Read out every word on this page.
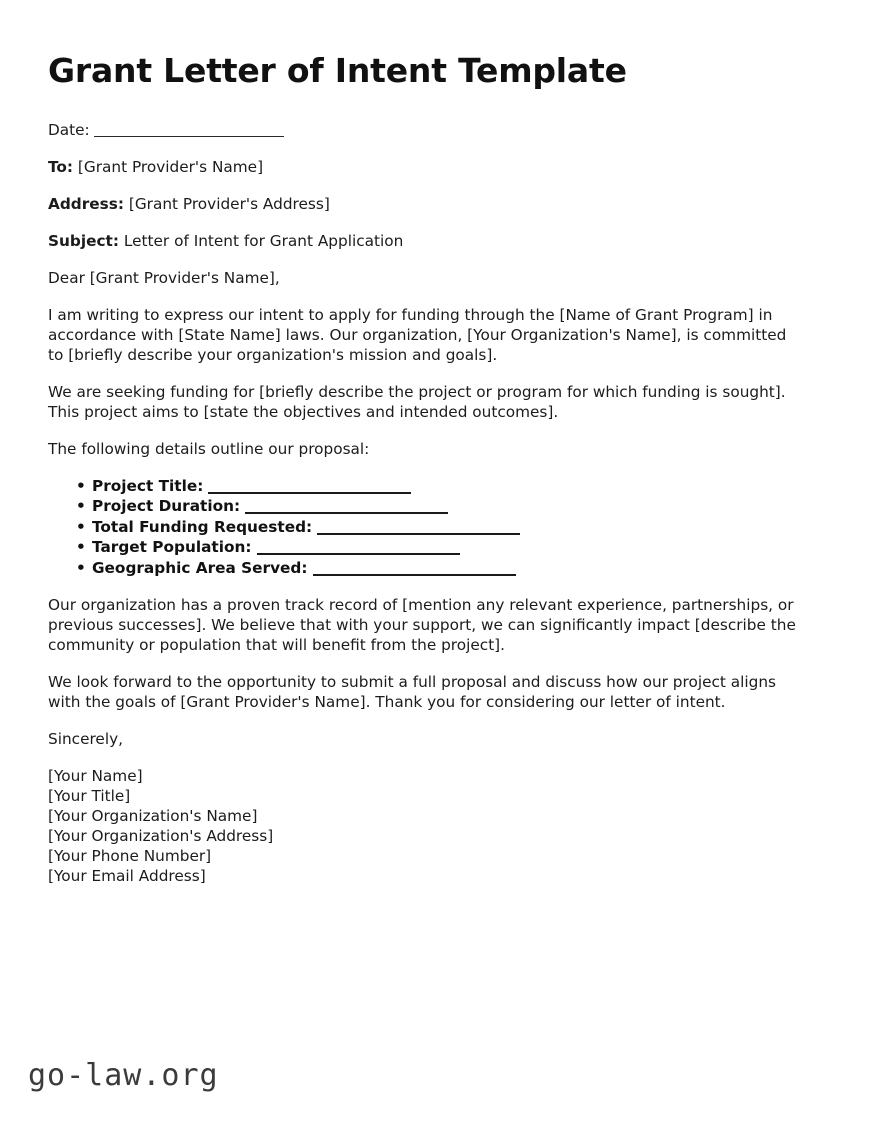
Grant Letter of Intent Template

Date:

To: [Grant Provider's Name]

Address: [Grant Provider's Address]

Subject: Letter of Intent for Grant Application

Dear [Grant Provider's Name],

I am writing to express our intent to apply for funding through the [Name of Grant Program] in accordance with [State Name] laws. Our organization, [Your Organization's Name], is committed to [briefly describe your organization's mission and goals].

We are seeking funding for [briefly describe the project or program for which funding is sought]. This project aims to [state the objectives and intended outcomes].

The following details outline our proposal:

• Project Title:
• Project Duration:
• Total Funding Requested:
• Target Population:
• Geographic Area Served:

Our organization has a proven track record of [mention any relevant experience, partnerships, or previous successes]. We believe that with your support, we can significantly impact [describe the community or population that will benefit from the project].

We look forward to the opportunity to submit a full proposal and discuss how our project aligns with the goals of [Grant Provider's Name]. Thank you for considering our letter of intent.

Sincerely,

[Your Name]
[Your Title]
[Your Organization's Name]
[Your Organization's Address]
[Your Phone Number]
[Your Email Address]
go-law.org
